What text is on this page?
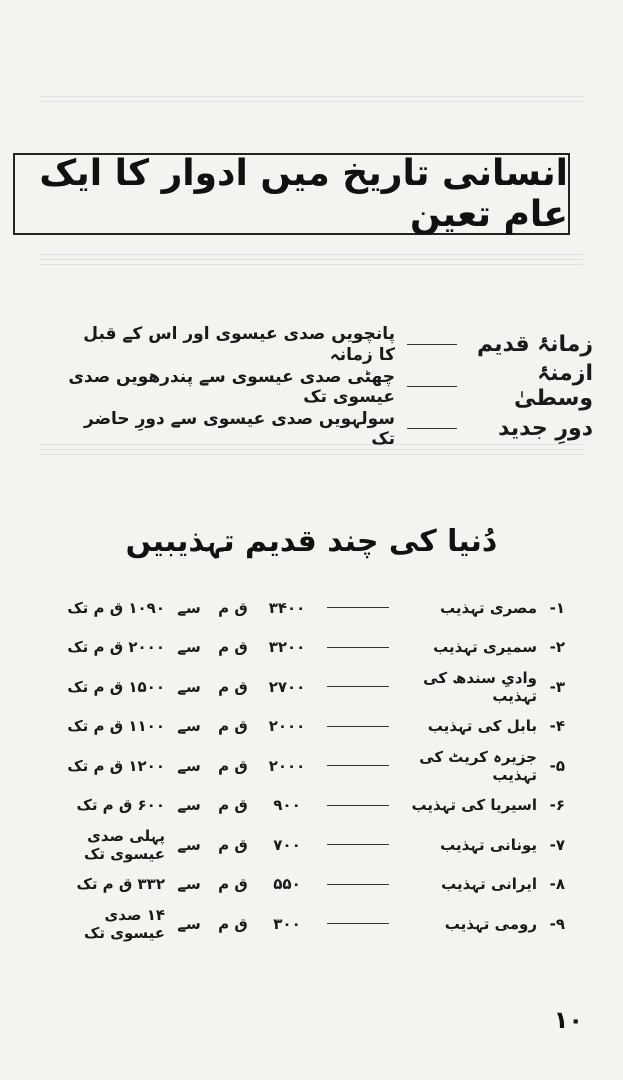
انسانی تاریخ میں ادوار کا ایک عام تعین
زمانۂ قدیم
پانچویں صدی عیسوی اور اس کے قبل کا زمانہ
ازمنۂ وسطیٰ
چھٹی صدی عیسوی سے پندرھویں صدی عیسوی تک
دورِ جدید
سولہویں صدی عیسوی سے دورِ حاضر تک
دُنیا کی چند قدیم تہذیبیں
۱-
مصری تہذیب
۳۴۰۰
ق م
سے
۱۰۹۰ ق م تک
۲-
سمیری تہذیب
۳۲۰۰
ق م
سے
۲۰۰۰ ق م تک
۳-
وادیِ سندھ کی تہذیب
۲۷۰۰
ق م
سے
۱۵۰۰ ق م تک
۴-
بابل کی تہذیب
۲۰۰۰
ق م
سے
۱۱۰۰ ق م تک
۵-
جزیرہ کریٹ کی تہذیب
۲۰۰۰
ق م
سے
۱۲۰۰ ق م تک
۶-
اسیریا کی تہذیب
۹۰۰
ق م
سے
۶۰۰ ق م تک
۷-
یونانی تہذیب
۷۰۰
ق م
سے
پہلی صدی عیسوی تک
۸-
ایرانی تہذیب
۵۵۰
ق م
سے
۳۳۲ ق م تک
۹-
رومی تہذیب
۳۰۰
ق م
سے
۱۴ صدی عیسوی تک
۱۰
